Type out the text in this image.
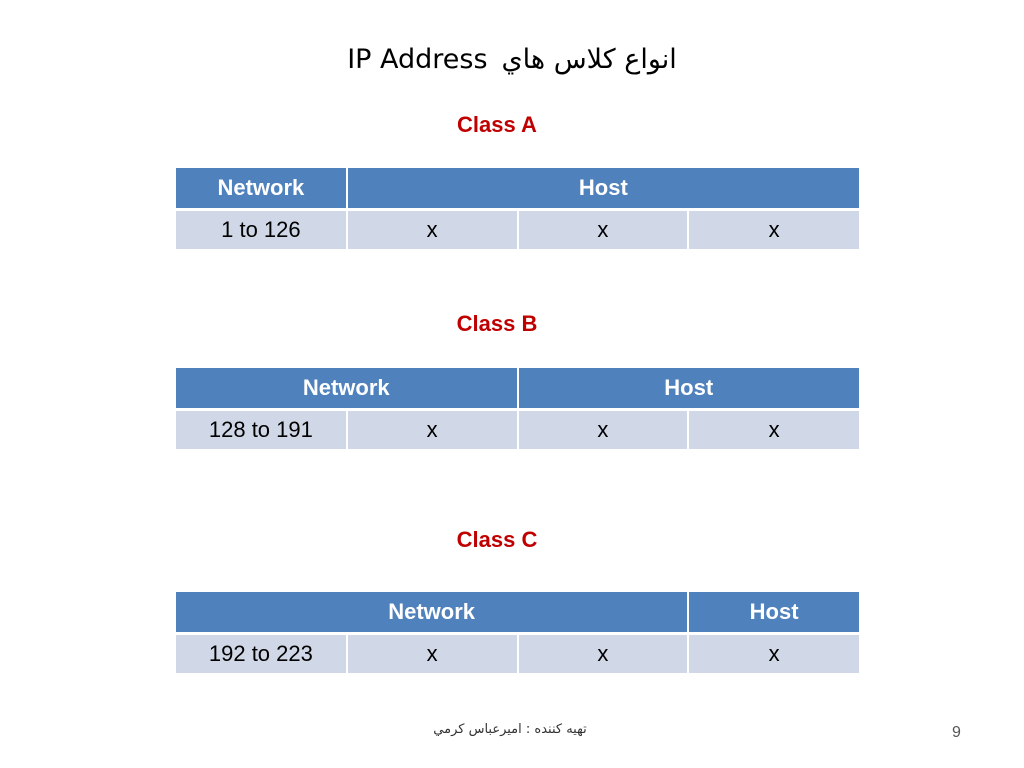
IP Address انواع کلاس هاي
Class A
Network	Host		
1 to 126	x	x	x
Class B
Network		Host	
128 to 191	x	x	x
Class C
Network			Host
192 to 223	x	x	x
تهيه کننده : اميرعباس کرمي	9
